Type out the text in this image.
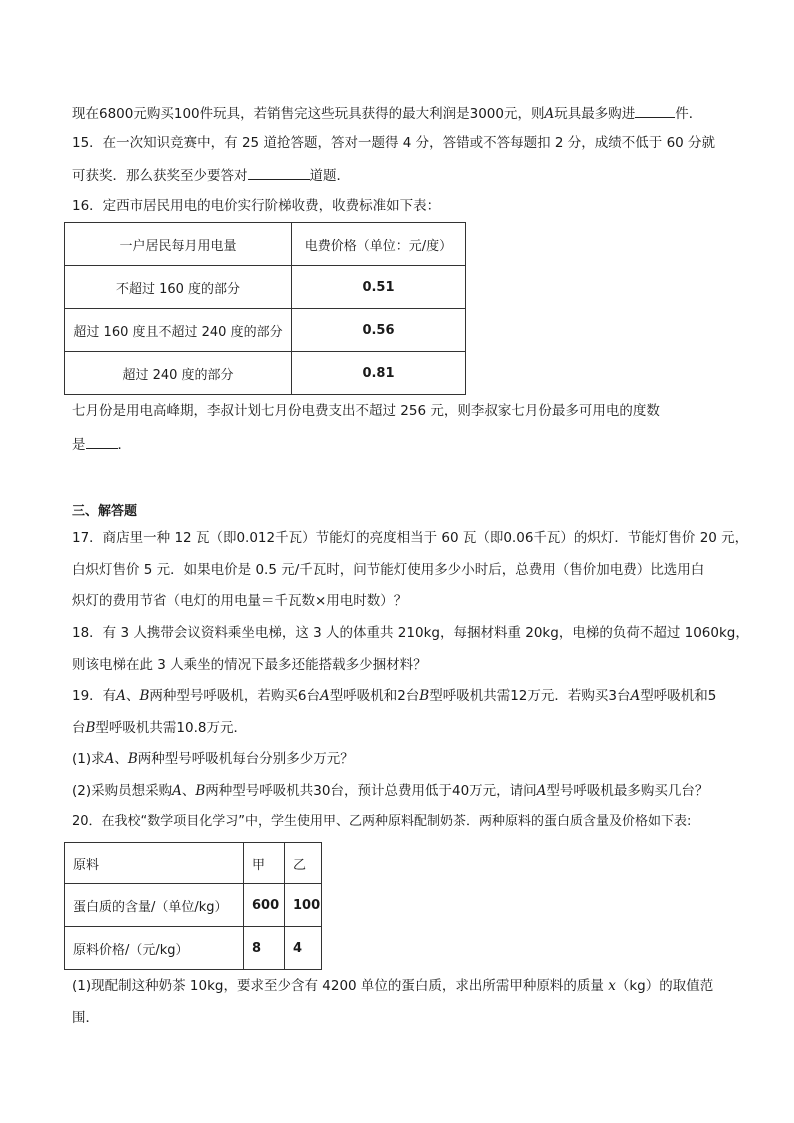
现在6800元购买100件玩具，若销售完这些玩具获得的最大利润是3000元，则A玩具最多购进	件．
15．在一次知识竞赛中，有 25 道抢答题，答对一题得 4 分，答错或不答每题扣 2 分，成绩不低于 60 分就
可获奖．那么获奖至少要答对	道题．
16．定西市居民用电的电价实行阶梯收费，收费标准如下表：
一户居民每月用电量	电费价格（单位：元/度）
不超过 160 度的部分	0.51
超过 160 度且不超过 240 度的部分	0.56
超过 240 度的部分	0.81
七月份是用电高峰期，李叔计划七月份电费支出不超过 256 元，则李叔家七月份最多可用电的度数
是 ．
三、解答题
17．商店里一种 12 瓦（即0.012千瓦）节能灯的亮度相当于 60 瓦（即0.06千瓦）的炽灯．节能灯售价 20 元，
白炽灯售价 5 元．如果电价是 0.5 元/千瓦时，问节能灯使用多少小时后，总费用（售价加电费）比选用白
炽灯的费用节省（电灯的用电量＝千瓦数×用电时数）？
18．有 3 人携带会议资料乘坐电梯，这 3 人的体重共 210kg，每捆材料重 20kg，电梯的负荷不超过 1060kg，
则该电梯在此 3 人乘坐的情况下最多还能搭载多少捆材料？
19．有A、B两种型号呼吸机，若购买6台A型呼吸机和2台B型呼吸机共需12万元．若购买3台A型呼吸机和5
台B型呼吸机共需10.8万元．
(1)求A、B两种型号呼吸机每台分别多少万元？
(2)采购员想采购A、B两种型号呼吸机共30台，预计总费用低于40万元，请问A型号呼吸机最多购买几台？
20．在我校“数学项目化学习”中，学生使用甲、乙两种原料配制奶茶．两种原料的蛋白质含量及价格如下表:
原料	甲	乙
蛋白质的含量/（单位/kg）	600	100
原料价格/（元/kg）	8	4
(1)现配制这种奶茶 10kg，要求至少含有 4200 单位的蛋白质，求出所需甲种原料的质量 x（kg）的取值范
围．
